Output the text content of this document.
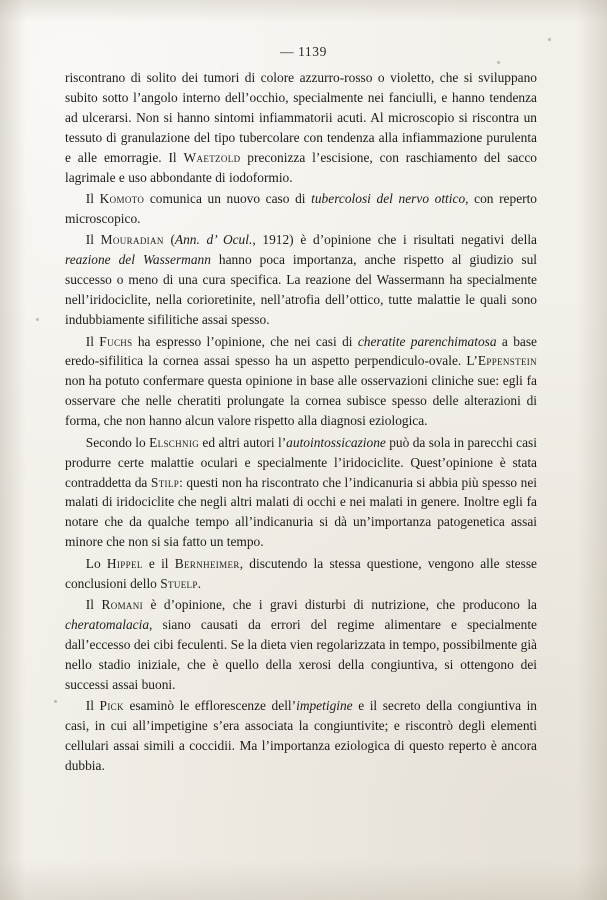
— 1139

riscontrano di solito dei tumori di colore azzurro-rosso o violetto, che si sviluppano subito sotto l’angolo interno dell’occhio, specialmente nei fanciulli, e hanno tendenza ad ulcerarsi. Non si hanno sintomi infiammatorii acuti. Al microscopio si riscontra un tessuto di granulazione del tipo tubercolare con tendenza alla infiammazione purulenta e alle emorragie. Il Waetzold preconizza l’escisione, con raschiamento del sacco lagrimale e uso abbondante di iodoformio.

Il Komoto comunica un nuovo caso di tubercolosi del nervo ottico, con reperto microscopico.

Il Mouradian (Ann. d’ Ocul., 1912) è d’opinione che i risultati negativi della reazione del Wassermann hanno poca importanza, anche rispetto al giudizio sul successo o meno di una cura specifica. La reazione del Wassermann ha specialmente nell’iridociclite, nella corioretinite, nell’atrofia dell’ottico, tutte malattie le quali sono indubbiamente sifilitiche assai spesso.

Il Fuchs ha espresso l’opinione, che nei casi di cheratite parenchimatosa a base eredo-sifilitica la cornea assai spesso ha un aspetto perpendiculo-ovale. L’Eppenstein non ha potuto confermare questa opinione in base alle osservazioni cliniche sue: egli fa osservare che nelle cheratiti prolungate la cornea subisce spesso delle alterazioni di forma, che non hanno alcun valore rispetto alla diagnosi eziologica.

Secondo lo Elschnig ed altri autori l’autointossicazione può da sola in parecchi casi produrre certe malattie oculari e specialmente l’iridociclite. Quest’opinione è stata contraddetta da Stilp: questi non ha riscontrato che l’indicanuria si abbia più spesso nei malati di iridociclite che negli altri malati di occhi e nei malati in genere. Inoltre egli fa notare che da qualche tempo all’indicanuria si dà un’importanza patogenetica assai minore che non si sia fatto un tempo.

Lo Hippel e il Bernheimer, discutendo la stessa questione, vengono alle stesse conclusioni dello Stuelp.

Il Romani è d’opinione, che i gravi disturbi di nutrizione, che producono la cheratomalacia, siano causati da errori del regime alimentare e specialmente dall’eccesso dei cibi feculenti. Se la dieta vien regolarizzata in tempo, possibilmente già nello stadio iniziale, che è quello della xerosi della congiuntiva, si ottengono dei successi assai buoni.

Il Pick esaminò le efflorescenze dell’impetigine e il secreto della congiuntiva in casi, in cui all’impetigine s’era associata la congiuntivite; e riscontrò degli elementi cellulari assai simili a coccidii. Ma l’importanza eziologica di questo reperto è ancora dubbia.
